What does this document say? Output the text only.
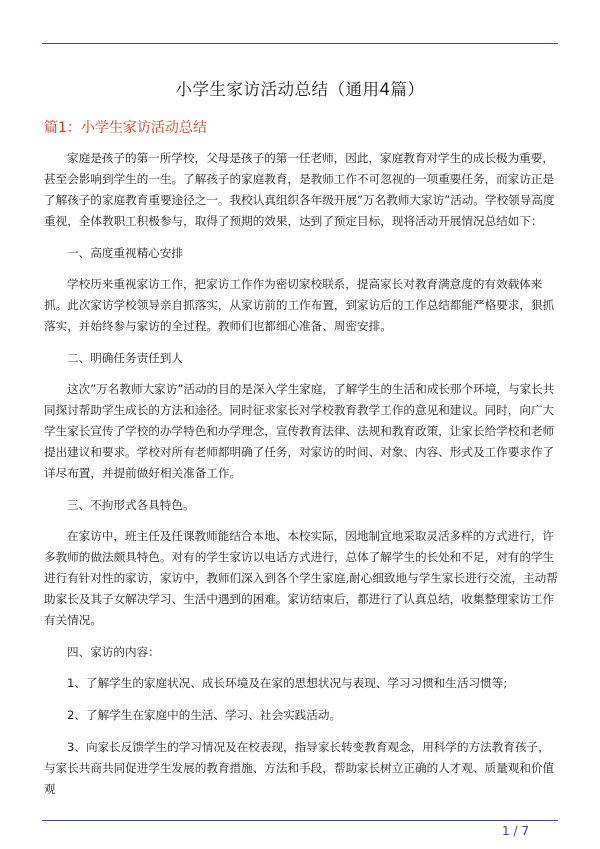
小学生家访活动总结（通用4篇）
篇1：小学生家访活动总结

家庭是孩子的第一所学校，父母是孩子的第一任老师，因此，家庭教育对学生的成长极为重要，甚至会影响到学生的一生。了解孩子的家庭教育，是教师工作不可忽视的一项重要任务，而家访正是了解孩子的家庭教育重要途径之一。我校认真组织各年级开展”万名教师大家访”活动。学校领导高度重视，全体教职工积极参与，取得了预期的效果，达到了预定目标，现将活动开展情况总结如下：

一、高度重视精心安排

学校历来重视家访工作，把家访工作作为密切家校联系，提高家长对教育满意度的有效载体来抓。此次家访学校领导亲自抓落实，从家访前的工作布置，到家访后的工作总结都能严格要求，狠抓落实，并始终参与家访的全过程。教师们也都细心准备、周密安排。

二、明确任务责任到人

这次”万名教师大家访”活动的目的是深入学生家庭，了解学生的生活和成长那个环境，与家长共同探讨帮助学生成长的方法和途径。同时征求家长对学校教育教学工作的意见和建议。同时，向广大学生家长宣传了学校的办学特色和办学理念，宣传教育法律、法规和教育政策，让家长给学校和老师提出建议和要求。学校对所有老师都明确了任务，对家访的时间、对象、内容、形式及工作要求作了详尽布置，并提前做好相关准备工作。

三、不拘形式各具特色。

在家访中，班主任及任课教师能结合本地、本校实际，因地制宜地采取灵活多样的方式进行，许多教师的做法颇具特色。对有的学生家访以电话方式进行，总体了解学生的长处和不足，对有的学生进行有针对性的家访，家访中，教师们深入到各个学生家庭,耐心细致地与学生家长进行交流，主动帮助家长及其子女解决学习、生活中遇到的困难。家访结束后，都进行了认真总结，收集整理家访工作有关情况。

四、家访的内容：

1、了解学生的家庭状况、成长环境及在家的思想状况与表现、学习习惯和生活习惯等;

2、了解学生在家庭中的生活、学习、社会实践活动。

3、向家长反馈学生的学习情况及在校表现，指导家长转变教育观念，用科学的方法教育孩子，与家长共商共同促进学生发展的教育措施、方法和手段，帮助家长树立正确的人才观、质量观和价值观

1 / 7
